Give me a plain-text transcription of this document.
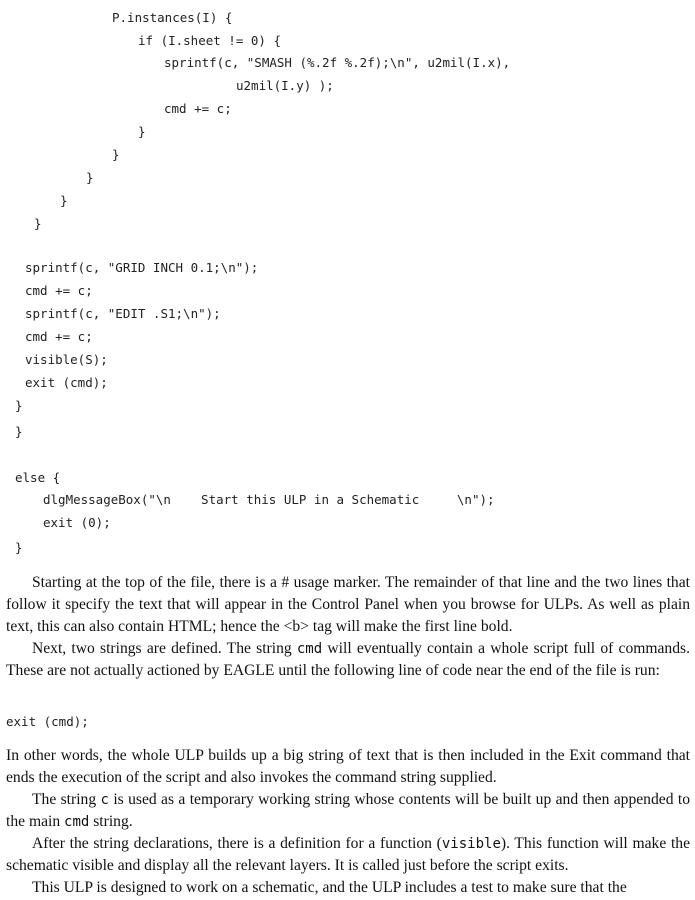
P.instances(I) {
if (I.sheet != 0) {
sprintf(c, "SMASH (%.2f %.2f);\n", u2mil(I.x),
u2mil(I.y) );
cmd += c;
}
}
}
}
}
sprintf(c, "GRID INCH 0.1;\n");
cmd += c;
sprintf(c, "EDIT .S1;\n");
cmd += c;
visible(S);
exit (cmd);
}
}
else {
dlgMessageBox("\n    Start this ULP in a Schematic     \n");
exit (0);
}

Starting at the top of the file, there is a # usage marker. The remainder of that line and the two lines that follow it specify the text that will appear in the Control Panel when you browse for ULPs. As well as plain text, this can also contain HTML; hence the <b> tag will make the first line bold.

Next, two strings are defined. The string cmd will eventually contain a whole script full of commands. These are not actually actioned by EAGLE until the following line of code near the end of the file is run:

exit (cmd);

In other words, the whole ULP builds up a big string of text that is then included in the Exit command that ends the execution of the script and also invokes the command string supplied.

The string c is used as a temporary working string whose contents will be built up and then appended to the main cmd string.

After the string declarations, there is a definition for a function (visible). This function will make the schematic visible and display all the relevant layers. It is called just before the script exits.

This ULP is designed to work on a schematic, and the ULP includes a test to make sure that the
